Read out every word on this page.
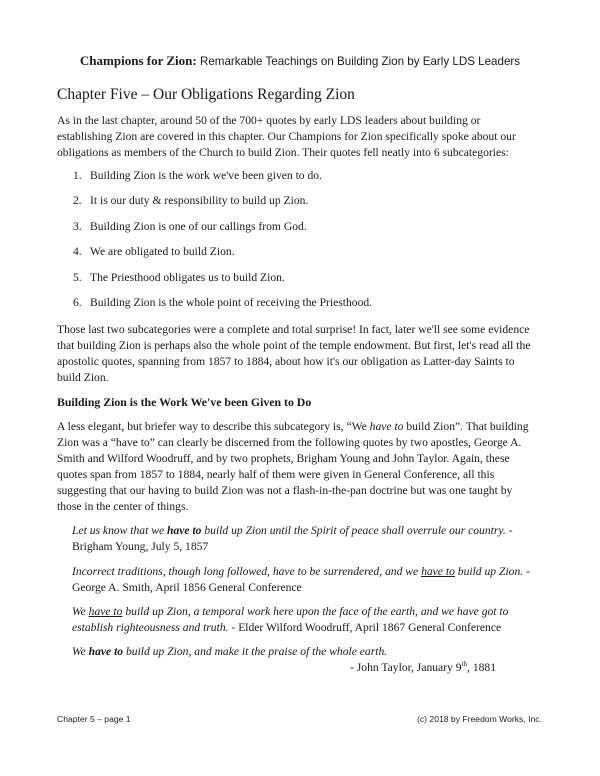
Champions for Zion: Remarkable Teachings on Building Zion by Early LDS Leaders
Chapter Five – Our Obligations Regarding Zion

As in the last chapter, around 50 of the 700+ quotes by early LDS leaders about building or establishing Zion are covered in this chapter. Our Champions for Zion specifically spoke about our obligations as members of the Church to build Zion. Their quotes fell neatly into 6 subcategories:

1. Building Zion is the work we've been given to do.
2. It is our duty & responsibility to build up Zion.
3. Building Zion is one of our callings from God.
4. We are obligated to build Zion.
5. The Priesthood obligates us to build Zion.
6. Building Zion is the whole point of receiving the Priesthood.

Those last two subcategories were a complete and total surprise! In fact, later we'll see some evidence that building Zion is perhaps also the whole point of the temple endowment. But first, let's read all the apostolic quotes, spanning from 1857 to 1884, about how it's our obligation as Latter-day Saints to build Zion.

Building Zion is the Work We've been Given to Do

A less elegant, but briefer way to describe this subcategory is, “We have to build Zion”. That building Zion was a “have to” can clearly be discerned from the following quotes by two apostles, George A. Smith and Wilford Woodruff, and by two prophets, Brigham Young and John Taylor. Again, these quotes span from 1857 to 1884, nearly half of them were given in General Conference, all this suggesting that our having to build Zion was not a flash-in-the-pan doctrine but was one taught by those in the center of things.

Let us know that we have to build up Zion until the Spirit of peace shall overrule our country. - Brigham Young, July 5, 1857

Incorrect traditions, though long followed, have to be surrendered, and we have to build up Zion. - George A. Smith, April 1856 General Conference

We have to build up Zion, a temporal work here upon the face of the earth, and we have got to establish righteousness and truth. - Elder Wilford Woodruff, April 1867 General Conference

We have to build up Zion, and make it the praise of the whole earth.
- John Taylor, January 9th, 1881

Chapter 5 – page 1	(c) 2018 by Freedom Works, Inc.
